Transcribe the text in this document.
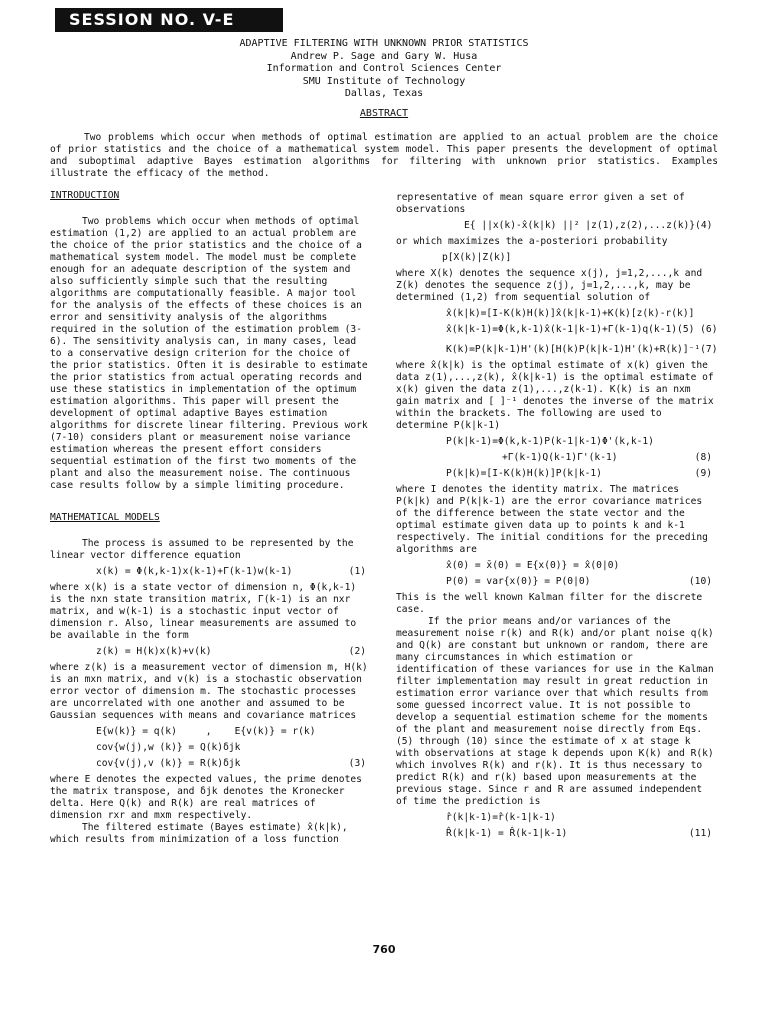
SESSION NO. V-E
ADAPTIVE FILTERING WITH UNKNOWN PRIOR STATISTICS
Andrew P. Sage and Gary W. Husa
Information and Control Sciences Center
SMU Institute of Technology
Dallas, Texas
ABSTRACT

Two problems which occur when methods of optimal estimation are applied to an actual problem are the choice of prior statistics and the choice of a mathematical system model. This paper presents the development of optimal and suboptimal adaptive Bayes estimation algorithms for filtering with unknown prior statistics. Examples illustrate the efficacy of the method.

INTRODUCTION

Two problems which occur when methods of optimal estimation (1,2) are applied to an actual problem are the choice of the prior statistics and the choice of a mathematical system model. The model must be complete enough for an adequate description of the system and also sufficiently simple such that the resulting algorithms are computationally feasible. A major tool for the analysis of the effects of these choices is an error and sensitivity analysis of the algorithms required in the solution of the estimation problem (3-6). The sensitivity analysis can, in many cases, lead to a conservative design criterion for the choice of the prior statistics. Often it is desirable to estimate the prior statistics from actual operating records and use these statistics in implementation of the optimum estimation algorithms. This paper will present the development of optimal adaptive Bayes estimation algorithms for discrete linear filtering. Previous work (7-10) considers plant or measurement noise variance estimation whereas the present effort considers sequential estimation of the first two moments of the plant and also the measurement noise. The continuous case results follow by a simple limiting procedure.

MATHEMATICAL MODELS

The process is assumed to be represented by the linear vector difference equation

x(k) = Φ(k,k-1)x(k-1)+Γ(k-1)w(k-1)	(1)

where x(k) is a state vector of dimension n, Φ(k,k-1) is the nxn state transition matrix, Γ(k-1) is an nxr matrix, and w(k-1) is a stochastic input vector of dimension r. Also, linear measurements are assumed to be available in the form

z(k) = H(k)x(k)+v(k)	(2)

where z(k) is a measurement vector of dimension m, H(k) is an mxn matrix, and v(k) is a stochastic observation error vector of dimension m. The stochastic processes are uncorrelated with one another and assumed to be Gaussian sequences with means and covariance matrices

E{w(k)} = q(k)     ,    E{v(k)} = r(k)
cov{w(j),w (k)} = Q(k)δjk
cov{v(j),v (k)} = R(k)δjk	(3)

where E denotes the expected values, the prime denotes the matrix transpose, and δjk denotes the Kronecker delta. Here Q(k) and R(k) are real matrices of dimension rxr and mxm respectively.

The filtered estimate (Bayes estimate) x̂(k|k), which results from minimization of a loss function

representative of mean square error given a set of observations

E{ ||x(k)-x̂(k|k) ||² |z(1),z(2),...z(k)} (4)

or which maximizes the a-posteriori probability

p[X(k)|Z(k)]

where X(k) denotes the sequence x(j), j=1,2,...,k and Z(k) denotes the sequence z(j), j=1,2,...,k, may be determined (1,2) from sequential solution of

x̂(k|k)=[I-K(k)H(k)]x̂(k|k-1)+K(k)[z(k)-r(k)]
x̂(k|k-1)=Φ(k,k-1)x̂(k-1|k-1)+Γ(k-1)q(k-1) (5) (6)
K(k)=P(k|k-1)H'(k)[H(k)P(k|k-1)H'(k)+R(k)]⁻¹ (7)

where x̂(k|k) is the optimal estimate of x(k) given the data z(1),...,z(k), x̂(k|k-1) is the optimal estimate of x(k) given the data z(1),...,z(k-1). K(k) is an nxm gain matrix and [ ]⁻¹ denotes the inverse of the matrix within the brackets. The following are used to determine P(k|k-1)

P(k|k-1)=Φ(k,k-1)P(k-1|k-1)Φ'(k,k-1)
+Γ(k-1)Q(k-1)Γ'(k-1)	(8)
P(k|k)=[I-K(k)H(k)]P(k|k-1)	(9)

where I denotes the identity matrix. The matrices P(k|k) and P(k|k-1) are the error covariance matrices of the difference between the state vector and the optimal estimate given data up to points k and k-1 respectively. The initial conditions for the preceding algorithms are

x̂(0) = x̄(0) = E{x(0)} = x̂(0|0)
P(0) = var{x(0)} = P(0|0)	(10)

This is the well known Kalman filter for the discrete case.

If the prior means and/or variances of the measurement noise r(k) and R(k) and/or plant noise q(k) and Q(k) are constant but unknown or random, there are many circumstances in which estimation or identification of these variances for use in the Kalman filter implementation may result in great reduction in estimation error variance over that which results from some guessed incorrect value. It is not possible to develop a sequential estimation scheme for the moments of the plant and measurement noise directly from Eqs. (5) through (10) since the estimate of x at stage k with observations at stage k depends upon K(k) and R(k) which involves R(k) and r(k). It is thus necessary to predict R(k) and r(k) based upon measurements at the previous stage. Since r and R are assumed independent of time the prediction is

r̂(k|k-1)=r̂(k-1|k-1)
R̂(k|k-1) = R̂(k-1|k-1)	(11)
760
